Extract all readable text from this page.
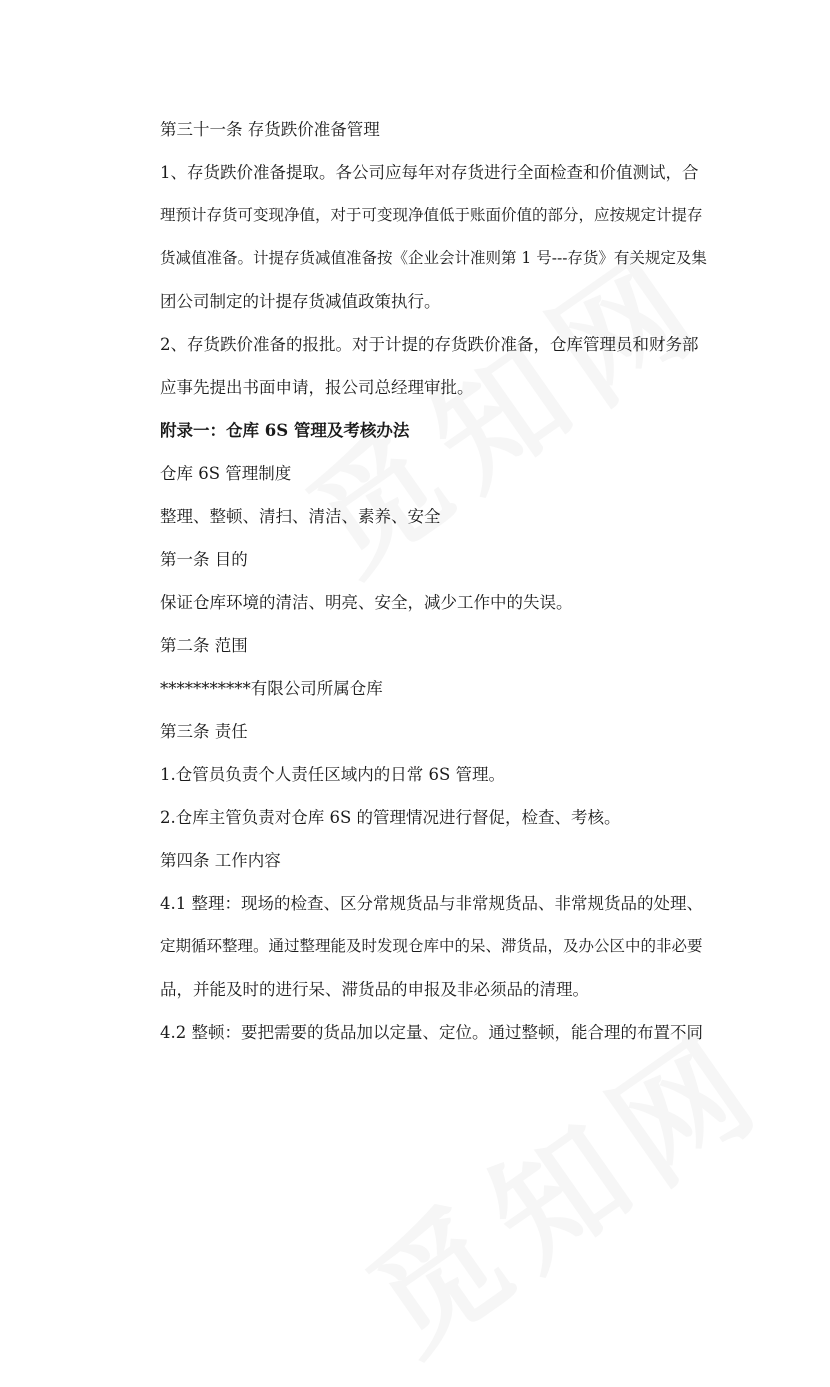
第三十一条 存货跌价准备管理

1、存货跌价准备提取。各公司应每年对存货进行全面检查和价值测试，合

理预计存货可变现净值，对于可变现净值低于账面价值的部分，应按规定计提存

货减值准备。计提存货减值准备按《企业会计准则第 1 号---存货》有关规定及集

团公司制定的计提存货减值政策执行。

2、存货跌价准备的报批。对于计提的存货跌价准备，仓库管理员和财务部

应事先提出书面申请，报公司总经理审批。

附录一：仓库 6S 管理及考核办法

仓库 6S 管理制度

整理、整顿、清扫、清洁、素养、安全

第一条 目的

保证仓库环境的清洁、明亮、安全，减少工作中的失误。

第二条 范围

***********有限公司所属仓库

第三条 责任

1.仓管员负责个人责任区域内的日常 6S 管理。

2.仓库主管负责对仓库 6S 的管理情况进行督促，检查、考核。

第四条 工作内容

4.1 整理：现场的检查、区分常规货品与非常规货品、非常规货品的处理、

定期循环整理。通过整理能及时发现仓库中的呆、滞货品，及办公区中的非必要

品，并能及时的进行呆、滞货品的申报及非必须品的清理。

4.2 整顿：要把需要的货品加以定量、定位。通过整顿，能合理的布置不同
